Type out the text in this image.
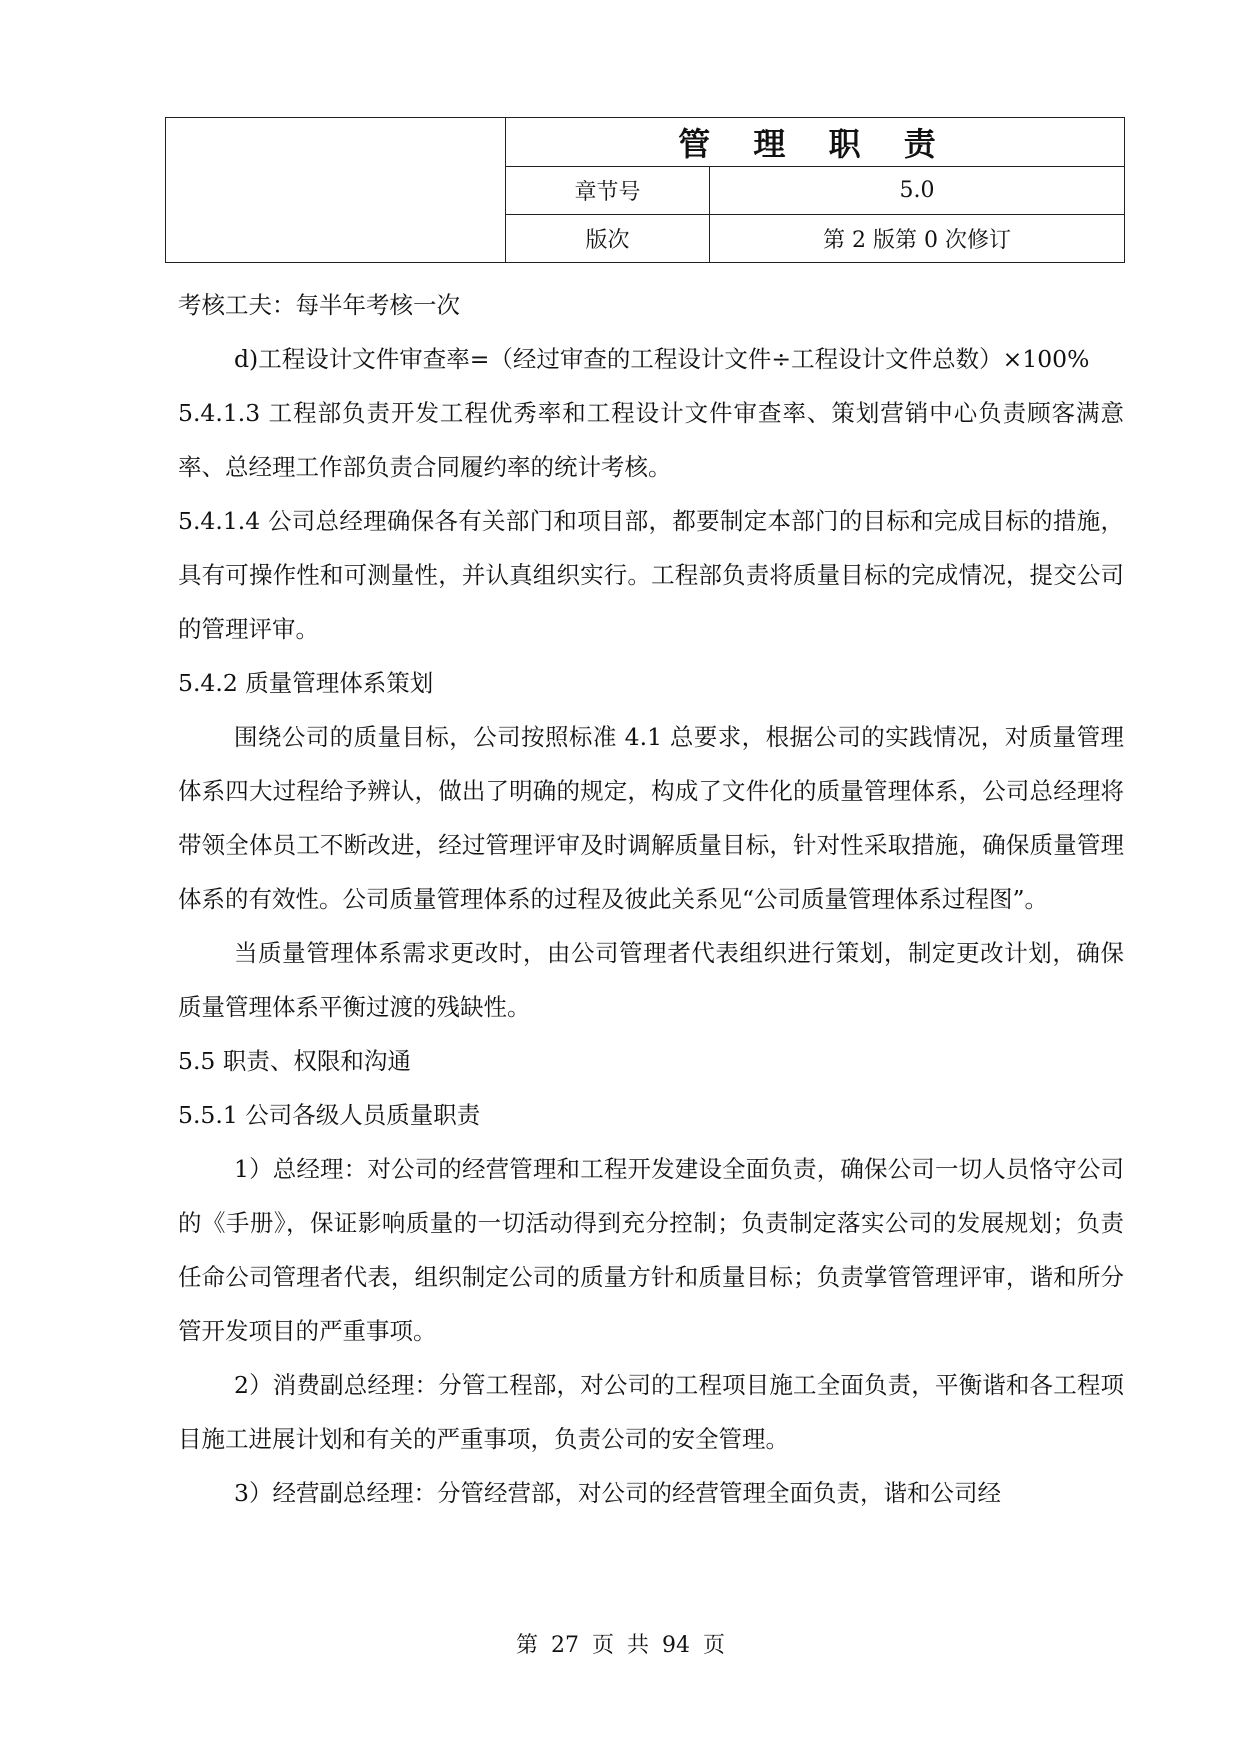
	管 理 职 责	
	章节号	5.0
	版次	第 2 版第 0 次修订

考核工夫：每半年考核一次

d)工程设计文件审查率=（经过审查的工程设计文件÷工程设计文件总数）×100%

5.4.1.3 工程部负责开发工程优秀率和工程设计文件审查率、策划营销中心负责顾客满意率、总经理工作部负责合同履约率的统计考核。

5.4.1.4 公司总经理确保各有关部门和项目部，都要制定本部门的目标和完成目标的措施，具有可操作性和可测量性，并认真组织实行。工程部负责将质量目标的完成情况，提交公司的管理评审。

5.4.2 质量管理体系策划

围绕公司的质量目标，公司按照标准 4.1 总要求，根据公司的实践情况，对质量管理体系四大过程给予辨认，做出了明确的规定，构成了文件化的质量管理体系，公司总经理将带领全体员工不断改进，经过管理评审及时调解质量目标，针对性采取措施，确保质量管理体系的有效性。公司质量管理体系的过程及彼此关系见“公司质量管理体系过程图”。

当质量管理体系需求更改时，由公司管理者代表组织进行策划，制定更改计划，确保质量管理体系平衡过渡的残缺性。

5.5 职责、权限和沟通

5.5.1 公司各级人员质量职责

1）总经理：对公司的经营管理和工程开发建设全面负责，确保公司一切人员恪守公司的《手册》，保证影响质量的一切活动得到充分控制；负责制定落实公司的发展规划；负责任命公司管理者代表，组织制定公司的质量方针和质量目标；负责掌管管理评审，谐和所分管开发项目的严重事项。

2）消费副总经理：分管工程部，对公司的工程项目施工全面负责，平衡谐和各工程项目施工进展计划和有关的严重事项，负责公司的安全管理。

3）经营副总经理：分管经营部，对公司的经营管理全面负责，谐和公司经

第 27 页 共 94 页
